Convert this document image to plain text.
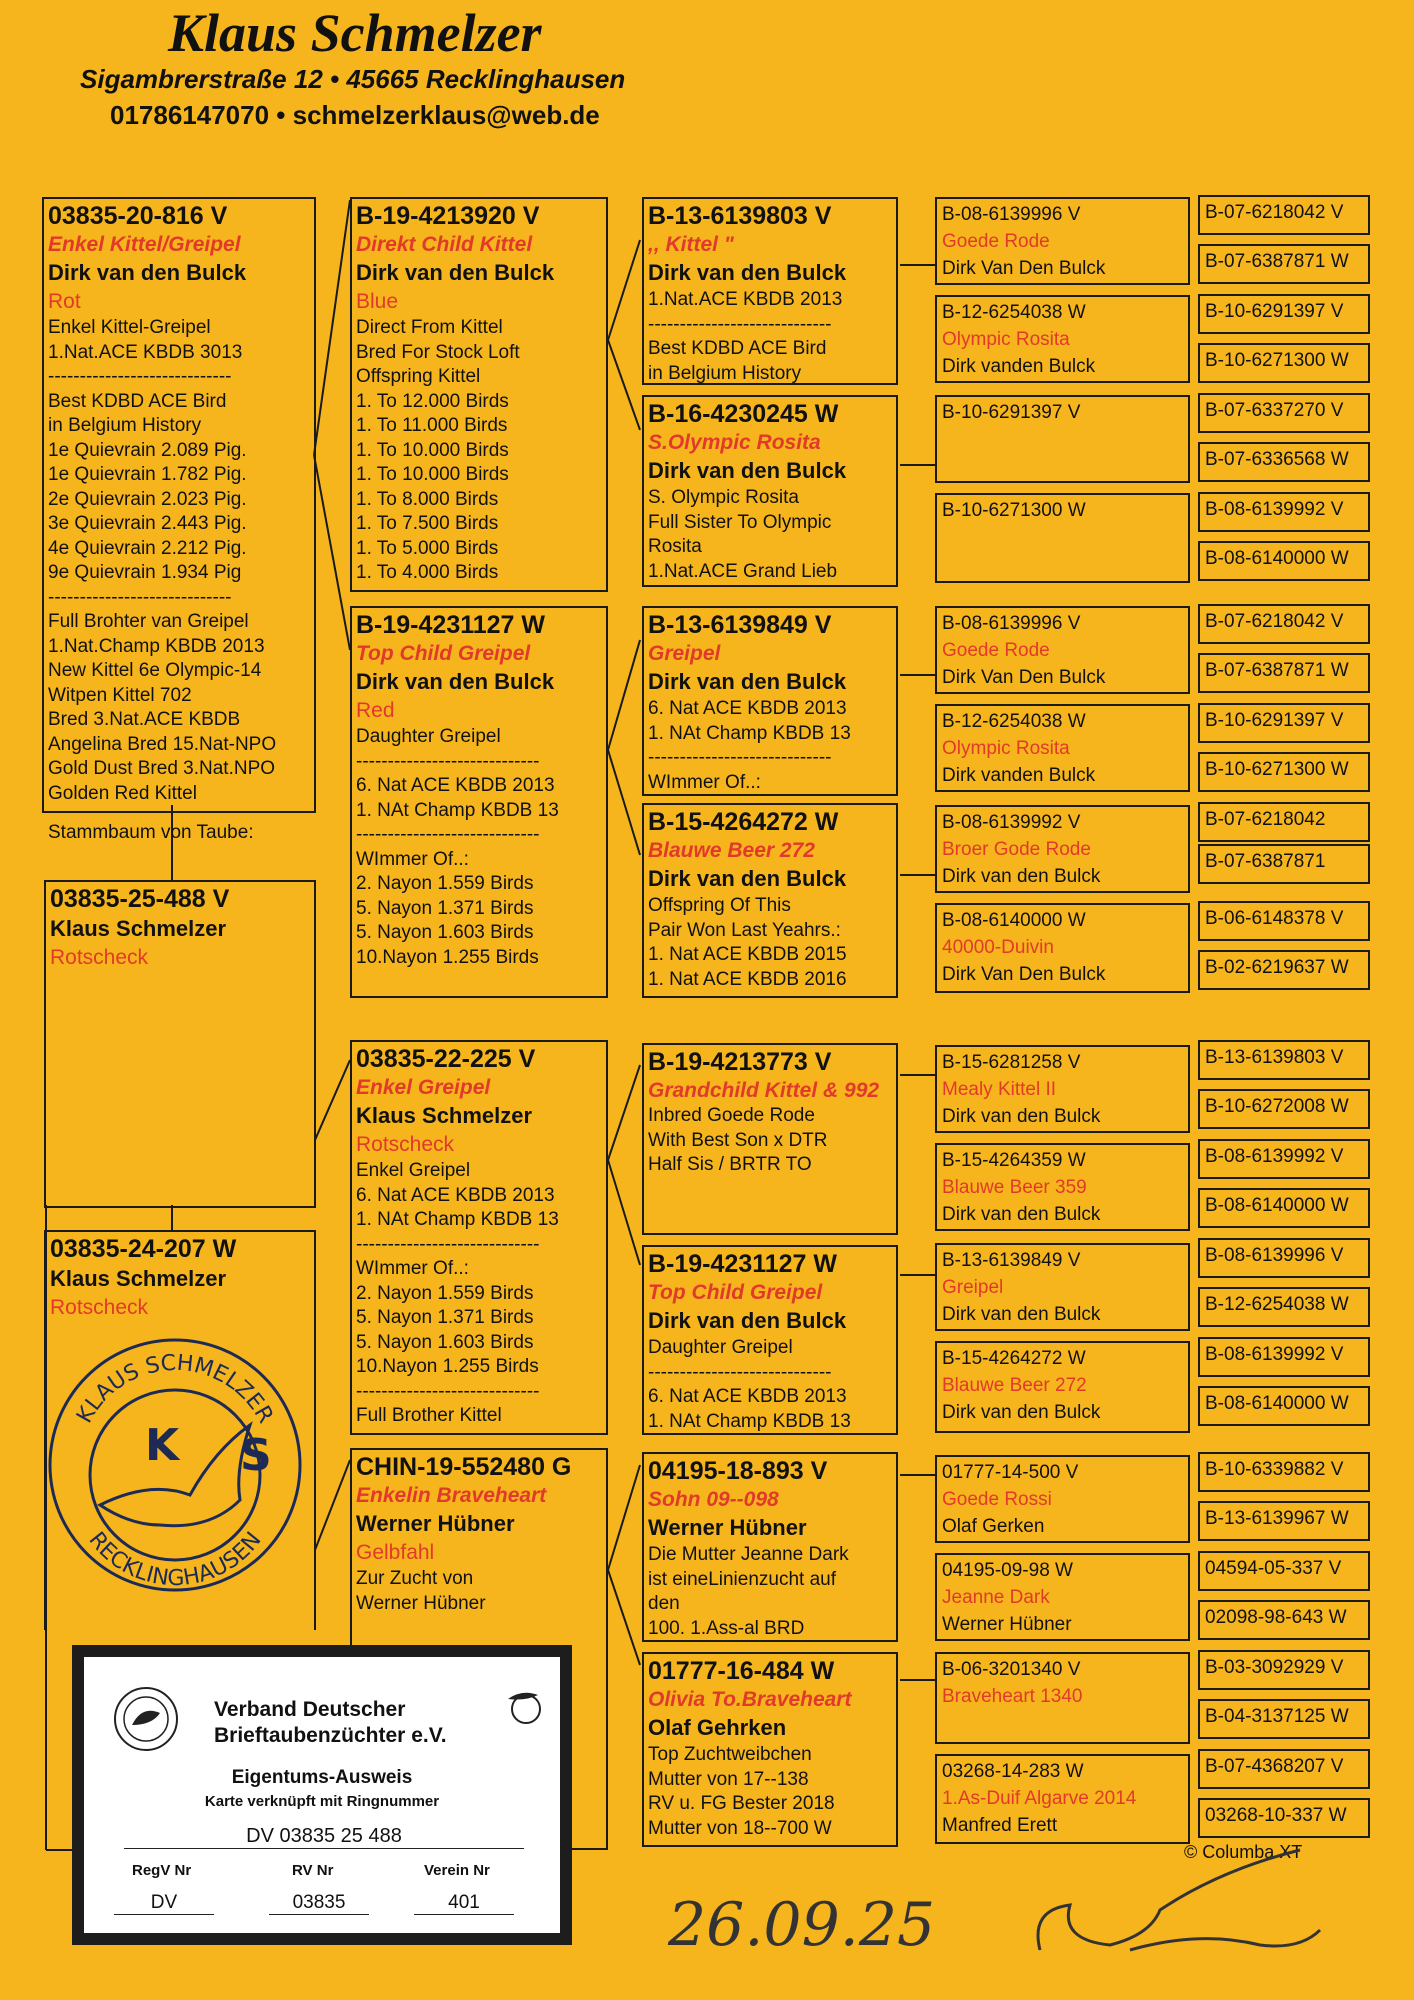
Klaus Schmelzer
Sigambrerstraße 12 • 45665 Recklinghausen
01786147070 • schmelzerklaus@web.de
03835-20-816 V
Enkel Kittel/Greipel
Dirk van den Bulck
Rot
Enkel Kittel-Greipel
1.Nat.ACE KBDB 3013
-----------------------------
Best KDBD ACE Bird
in Belgium History
1e Quievrain 2.089 Pig.
1e Quievrain 1.782 Pig.
2e Quievrain 2.023 Pig.
3e Quievrain 2.443 Pig.
4e Quievrain 2.212 Pig.
9e Quievrain 1.934 Pig
-----------------------------
Full Brohter van Greipel
1.Nat.Champ KBDB 2013
New Kittel 6e Olympic-14
Witpen Kittel 702
Bred 3.Nat.ACE KBDB
Angelina Bred 15.Nat-NPO
Gold Dust Bred 3.Nat.NPO
Golden Red Kittel
Stammbaum von Taube:
03835-25-488 V
Klaus Schmelzer
Rotscheck
03835-24-207 W
Klaus Schmelzer
Rotscheck
KLAUS SCHMELZER
RECKLINGHAUSEN
K S
B-19-4213920 V
Direkt Child Kittel
Dirk van den Bulck
Blue
Direct From Kittel
Bred For Stock Loft
Offspring Kittel
1. To 12.000 Birds
1. To 11.000 Birds
1. To 10.000 Birds
1. To 10.000 Birds
1. To 8.000 Birds
1. To 7.500 Birds
1. To 5.000 Birds
1. To 4.000 Birds
B-19-4231127 W
Top Child Greipel
Dirk van den Bulck
Red
Daughter Greipel
-----------------------------
6. Nat ACE KBDB 2013
1. NAt Champ KBDB 13
-----------------------------
WImmer Of..:
2. Nayon 1.559 Birds
5. Nayon 1.371 Birds
5. Nayon 1.603 Birds
10.Nayon 1.255 Birds
03835-22-225 V
Enkel Greipel
Klaus Schmelzer
Rotscheck
Enkel Greipel
6. Nat ACE KBDB 2013
1. NAt Champ KBDB 13
-----------------------------
WImmer Of..:
2. Nayon 1.559 Birds
5. Nayon 1.371 Birds
5. Nayon 1.603 Birds
10.Nayon 1.255 Birds
-----------------------------
Full Brother Kittel
CHIN-19-552480 G
Enkelin Braveheart
Werner Hübner
Gelbfahl
Zur Zucht von
Werner Hübner
B-13-6139803 V
,, Kittel "
Dirk van den Bulck
1.Nat.ACE KBDB 2013
-----------------------------
Best KDBD ACE Bird
in Belgium History
B-16-4230245 W
S.Olympic Rosita
Dirk van den Bulck
S. Olympic Rosita
Full Sister To Olympic
Rosita
1.Nat.ACE Grand Lieb
B-13-6139849 V
Greipel
Dirk van den Bulck
6. Nat ACE KBDB 2013
1. NAt Champ KBDB 13
-----------------------------
WImmer Of..:
B-15-4264272 W
Blauwe Beer 272
Dirk van den Bulck
Offspring Of This
Pair Won Last Yeahrs.:
1. Nat ACE KBDB 2015
1. Nat ACE KBDB 2016
B-19-4213773 V
Grandchild Kittel & 992
Inbred Goede Rode
With Best Son x DTR
Half Sis / BRTR TO
B-19-4231127 W
Top Child Greipel
Dirk van den Bulck
Daughter Greipel
-----------------------------
6. Nat ACE KBDB 2013
1. NAt Champ KBDB 13
04195-18-893 V
Sohn 09--098
Werner Hübner
Die Mutter Jeanne Dark
ist eineLinienzucht auf
den
100. 1.Ass-al BRD
01777-16-484 W
Olivia To.Braveheart
Olaf Gehrken
Top Zuchtweibchen
Mutter von 17--138
RV u. FG Bester 2018
Mutter von 18--700 W
B-08-6139996 V
Goede Rode
Dirk Van Den Bulck
B-12-6254038 W
Olympic Rosita
Dirk vanden Bulck
B-10-6291397 V
B-10-6271300 W
B-08-6139996 V
Goede Rode
Dirk Van Den Bulck
B-12-6254038 W
Olympic Rosita
Dirk vanden Bulck
B-08-6139992 V
Broer Gode Rode
Dirk van den Bulck
B-08-6140000 W
40000-Duivin
Dirk Van Den Bulck
B-15-6281258 V
Mealy Kittel II
Dirk van den Bulck
B-15-4264359 W
Blauwe Beer 359
Dirk van den Bulck
B-13-6139849 V
Greipel
Dirk van den Bulck
B-15-4264272 W
Blauwe Beer 272
Dirk van den Bulck
01777-14-500 V
Goede Rossi
Olaf Gerken
04195-09-98 W
Jeanne Dark
Werner Hübner
B-06-3201340 V
Braveheart 1340
03268-14-283 W
1.As-Duif Algarve 2014
Manfred Erett
B-07-6218042 V
B-07-6387871 W
B-10-6291397 V
B-10-6271300 W
B-07-6337270 V
B-07-6336568 W
B-08-6139992 V
B-08-6140000 W
B-07-6218042 V
B-07-6387871 W
B-10-6291397 V
B-10-6271300 W
B-07-6218042
B-07-6387871
B-06-6148378 V
B-02-6219637 W
B-13-6139803 V
B-10-6272008 W
B-08-6139992 V
B-08-6140000 W
B-08-6139996 V
B-12-6254038 W
B-08-6139992 V
B-08-6140000 W
B-10-6339882 V
B-13-6139967 W
04594-05-337 V
02098-98-643 W
B-03-3092929 V
B-04-3137125 W
B-07-4368207 V
03268-10-337 W
© Columba XT
26.09.25
Verband Deutscher
Brieftaubenzüchter e.V.
Eigentums-Ausweis
Karte verknüpft mit Ringnummer
DV 03835 25 488
RegV Nr	RV Nr	Verein Nr
DV	03835	401
